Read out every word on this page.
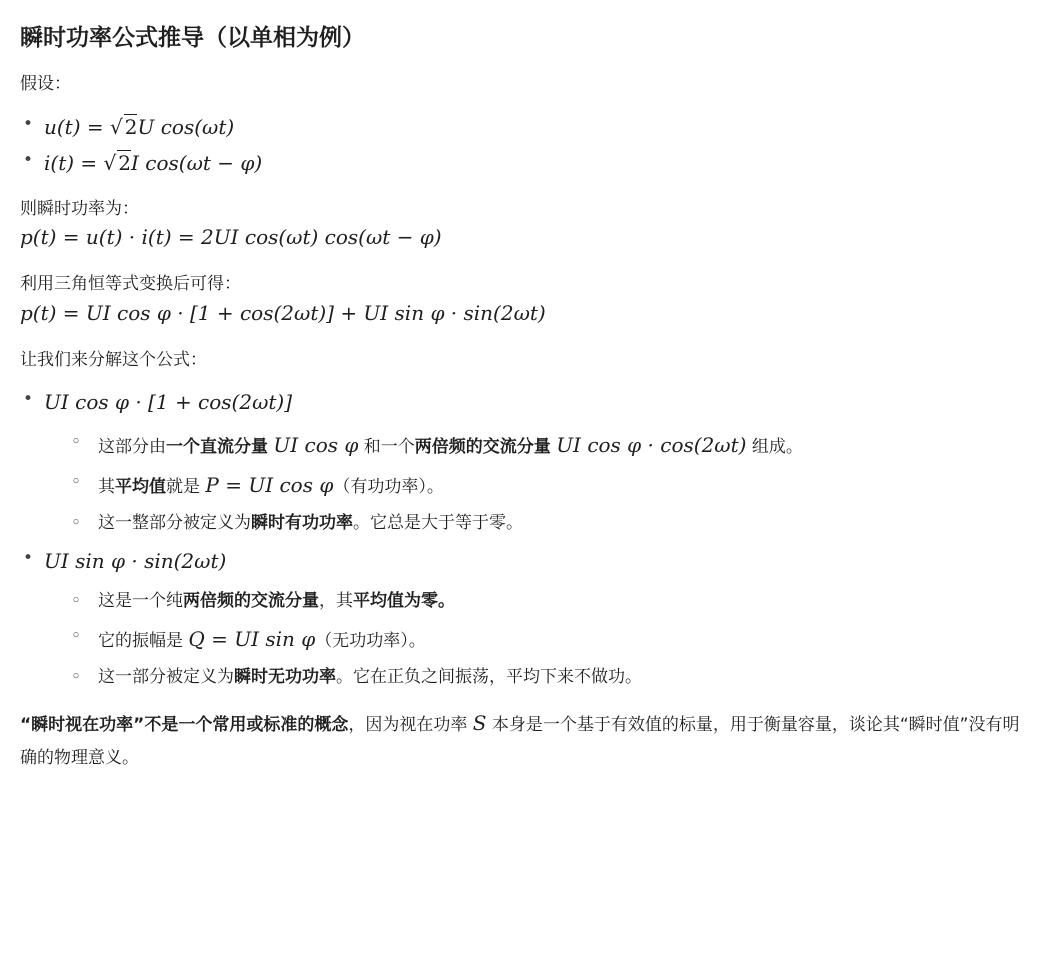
瞬时功率公式推导（以单相为例）

假设：

• u(t) = √ 2U cos(ωt)
• i(t) = √ 2I cos(ωt − φ)

则瞬时功率为：

p(t) = u(t) · i(t) = 2UI cos(ωt) cos(ωt − φ)

利用三角恒等式变换后可得：

p(t) = UI cos φ · [1 + cos(2ωt)] + UI sin φ · sin(2ωt)

让我们来分解这个公式：

• UI cos φ · [1 + cos(2ωt)]
◦ 这部分由一个直流分量 UI cos φ 和一个两倍频的交流分量 UI cos φ · cos(2ωt) 组成。
◦ 其平均值就是 P = UI cos φ（有功功率）。
◦ 这一整部分被定义为瞬时有功功率。它总是大于等于零。
• UI sin φ · sin(2ωt)
◦ 这是一个纯两倍频的交流分量，其平均值为零。
◦ 它的振幅是 Q = UI sin φ（无功功率）。
◦ 这一部分被定义为瞬时无功功率。它在正负之间振荡，平均下来不做功。

“瞬时视在功率”不是一个常用或标准的概念，因为视在功率 S 本身是一个基于有效值的标量，用于衡量容量，谈论其“瞬时值”没有明确的物理意义。
